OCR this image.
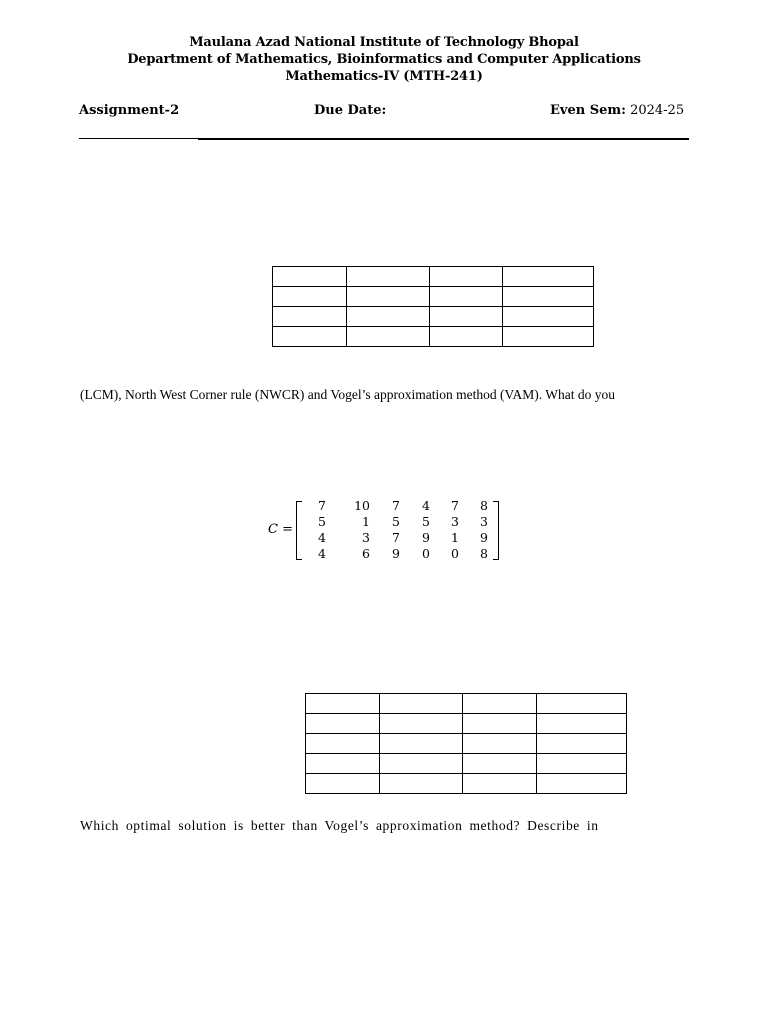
Maulana Azad National Institute of Technology Bhopal
Department of Mathematics, Bioinformatics and Computer Applications
Mathematics-IV (MTH-241)
Assignment-2	Due Date:	Even Sem: 2024-25

(LCM), North West Corner rule (NWCR) and Vogel’s approximation method (VAM). What do you
C =
7 10 7 4 7 8
5	1 5 5 3 3
4	3 7 9 1 9
4	6 9 0 0 8

Which optimal solution is better than Vogel’s approximation method? Describe in
